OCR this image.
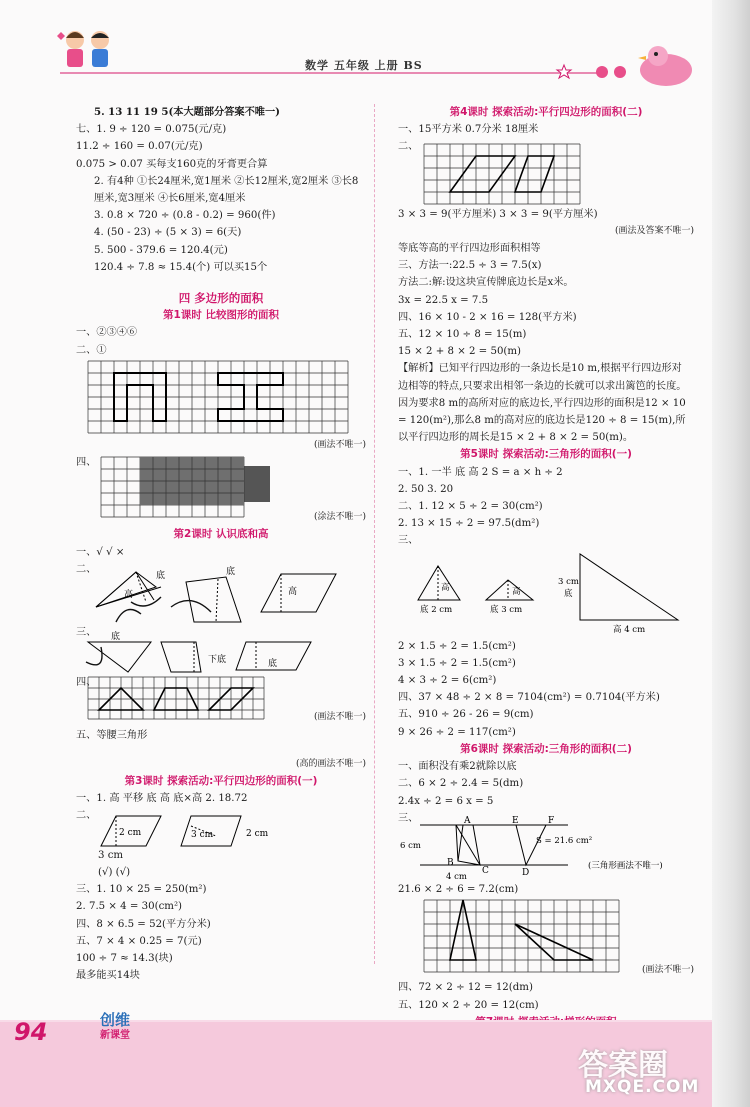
数学 五年级 上册 BS
5. 13 11 19 5(本大题部分答案不唯一)
七、1. 9 ÷ 120 = 0.075(元/克)
11.2 ÷ 160 = 0.07(元/克)
0.075 > 0.07 买每支160克的牙膏更合算
2. 有4种 ①长24厘米,宽1厘米 ②长12厘米,宽2厘米 ③长8厘米,宽3厘米 ④长6厘米,宽4厘米
3. 0.8 × 720 ÷ (0.8 - 0.2) = 960(件)
4. (50 - 23) ÷ (5 × 3) = 6(天)
5. 500 - 379.6 = 120.4(元)
120.4 ÷ 7.8 ≈ 15.4(个) 可以买15个
四 多边形的面积
第1课时 比较图形的面积
一、②③④⑥
二、①
(画法不唯一)
四、
(涂法不唯一)
第2课时 认识底和高
一、√ √ ×
二、
底
高
底
高
底
下底	底
三、
四、
(画法不唯一)
五、等腰三角形
(高的画法不唯一)
第3课时 探索活动:平行四边形的面积(一)
一、1. 高 平移 底 高 底×高 2. 18.72
二、
2 cm	3 cm	2 cm
3 cm
(√) (√)
三、1. 10 × 25 = 250(m²)
2. 7.5 × 4 = 30(cm²)
四、8 × 6.5 = 52(平方分米)
五、7 × 4 × 0.25 = 7(元)
100 ÷ 7 ≈ 14.3(块)
最多能买14块
第4课时 探索活动:平行四边形的面积(二)
一、15平方米 0.7分米 18厘米
二、
3 × 3 = 9(平方厘米) 3 × 3 = 9(平方厘米)
(画法及答案不唯一)
等底等高的平行四边形面积相等
三、方法一:22.5 ÷ 3 = 7.5(x)
方法二:解:设这块宣传牌底边长是x米。
3x = 22.5 x = 7.5
四、16 × 10 - 2 × 16 = 128(平方米)
五、12 × 10 ÷ 8 = 15(m)
15 × 2 + 8 × 2 = 50(m)
【解析】已知平行四边形的一条边长是10 m,根据平行四边形对边相等的特点,只要求出相邻一条边的长就可以求出篱笆的长度。因为要求8 m的高所对应的底边长,平行四边形的面积是12 × 10 = 120(m²),那么8 m的高对应的底边长是120 ÷ 8 = 15(m),所以平行四边形的周长是15 × 2 + 8 × 2 = 50(m)。
第5课时 探索活动:三角形的面积(一)
一、1. 一半 底 高 2 S = a × h ÷ 2
2. 50 3. 20
二、1. 12 × 5 ÷ 2 = 30(cm²)
2. 13 × 15 ÷ 2 = 97.5(dm²)
三、
高
底 2 cm
高
底 3 cm
3 cm
底
高 4 cm
2 × 1.5 ÷ 2 = 1.5(cm²)
3 × 1.5 ÷ 2 = 1.5(cm²)
4 × 3 ÷ 2 = 6(cm²)
四、37 × 48 ÷ 2 × 8 = 7104(cm²) = 0.7104(平方米)
五、910 ÷ 26 - 26 = 9(cm)
9 × 26 ÷ 2 = 117(cm²)
第6课时 探索活动:三角形的面积(二)
一、面积没有乘2就除以底
二、6 × 2 ÷ 2.4 = 5(dm)
2.4x ÷ 2 = 6 x = 5
三、	A
B
C	D
E	F
S = 21.6 cm²
6 cm
4 cm
(三角形画法不唯一)
21.6 × 2 ÷ 6 = 7.2(cm)
(画法不唯一)
四、72 × 2 ÷ 12 = 12(dm)
五、120 × 2 ÷ 20 = 12(cm)
94	创维
新课堂
答案圈
MXQE.COM
